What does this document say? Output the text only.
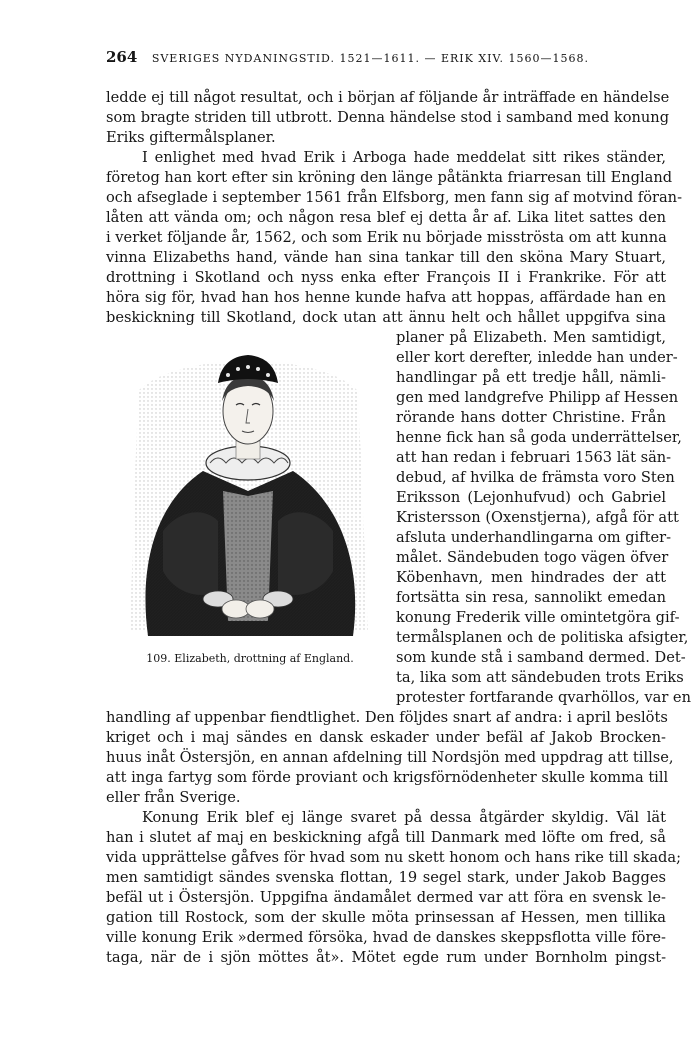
264 SVERIGES NYDANINGSTID. 1521—1611. — ERIK XIV. 1560—1568.
ledde ej till något resultat, och i början af följande år inträffade en händelse
som bragte striden till utbrott. Denna händelse stod i samband med konung
Eriks giftermålsplaner.
I enlighet med hvad Erik i Arboga hade meddelat sitt rikes ständer,
företog han kort efter sin kröning den länge påtänkta friarresan till England
och afseglade i september 1561 från Elfsborg, men fann sig af motvind föran-
låten att vända om; och någon resa blef ej detta år af. Lika litet sattes den
i verket följande år, 1562, och som Erik nu började misströsta om att kunna
vinna Elizabeths hand, vände han sina tankar till den sköna Mary Stuart,
drottning i Skotland och nyss enka efter François II i Frankrike. För att
höra sig för, hvad han hos henne kunde hafva att hoppas, affärdade han en
beskickning till Skotland, dock utan att ännu helt och hållet uppgifva sina
109. Elizabeth, drottning af England.
planer på Elizabeth. Men samtidigt,
eller kort derefter, inledde han under-
handlingar på ett tredje håll, nämli-
gen med landgrefve Philipp af Hessen
rörande hans dotter Christine. Från
henne fick han så goda underrättelser,
att han redan i februari 1563 lät sän-
debud, af hvilka de främsta voro Sten
Eriksson (Lejonhufvud) och Gabriel
Kristersson (Oxenstjerna), afgå för att
afsluta underhandlingarna om gifter-
målet. Sändebuden togo vägen öfver
Köbenhavn, men hindrades der att
fortsätta sin resa, sannolikt emedan
konung Frederik ville omintetgöra gif-
termålsplanen och de politiska afsigter,
som kunde stå i samband dermed. Det-
ta, lika som att sändebuden trots Eriks
protester fortfarande qvarhöllos, var en
handling af uppenbar fiendtlighet. Den följdes snart af andra: i april beslöts
kriget och i maj sändes en dansk eskader under befäl af Jakob Brocken-
huus inåt Östersjön, en annan afdelning till Nordsjön med uppdrag att tillse,
att inga fartyg som förde proviant och krigsförnödenheter skulle komma till
eller från Sverige.
Konung Erik blef ej länge svaret på dessa åtgärder skyldig. Väl lät
han i slutet af maj en beskickning afgå till Danmark med löfte om fred, så
vida upprättelse gåfves för hvad som nu skett honom och hans rike till skada;
men samtidigt sändes svenska flottan, 19 segel stark, under Jakob Bagges
befäl ut i Östersjön. Uppgifna ändamålet dermed var att föra en svensk le-
gation till Rostock, som der skulle möta prinsessan af Hessen, men tillika
ville konung Erik »dermed försöka, hvad de danskes skeppsflotta ville före-
taga, när de i sjön möttes åt». Mötet egde rum under Bornholm pingst-
